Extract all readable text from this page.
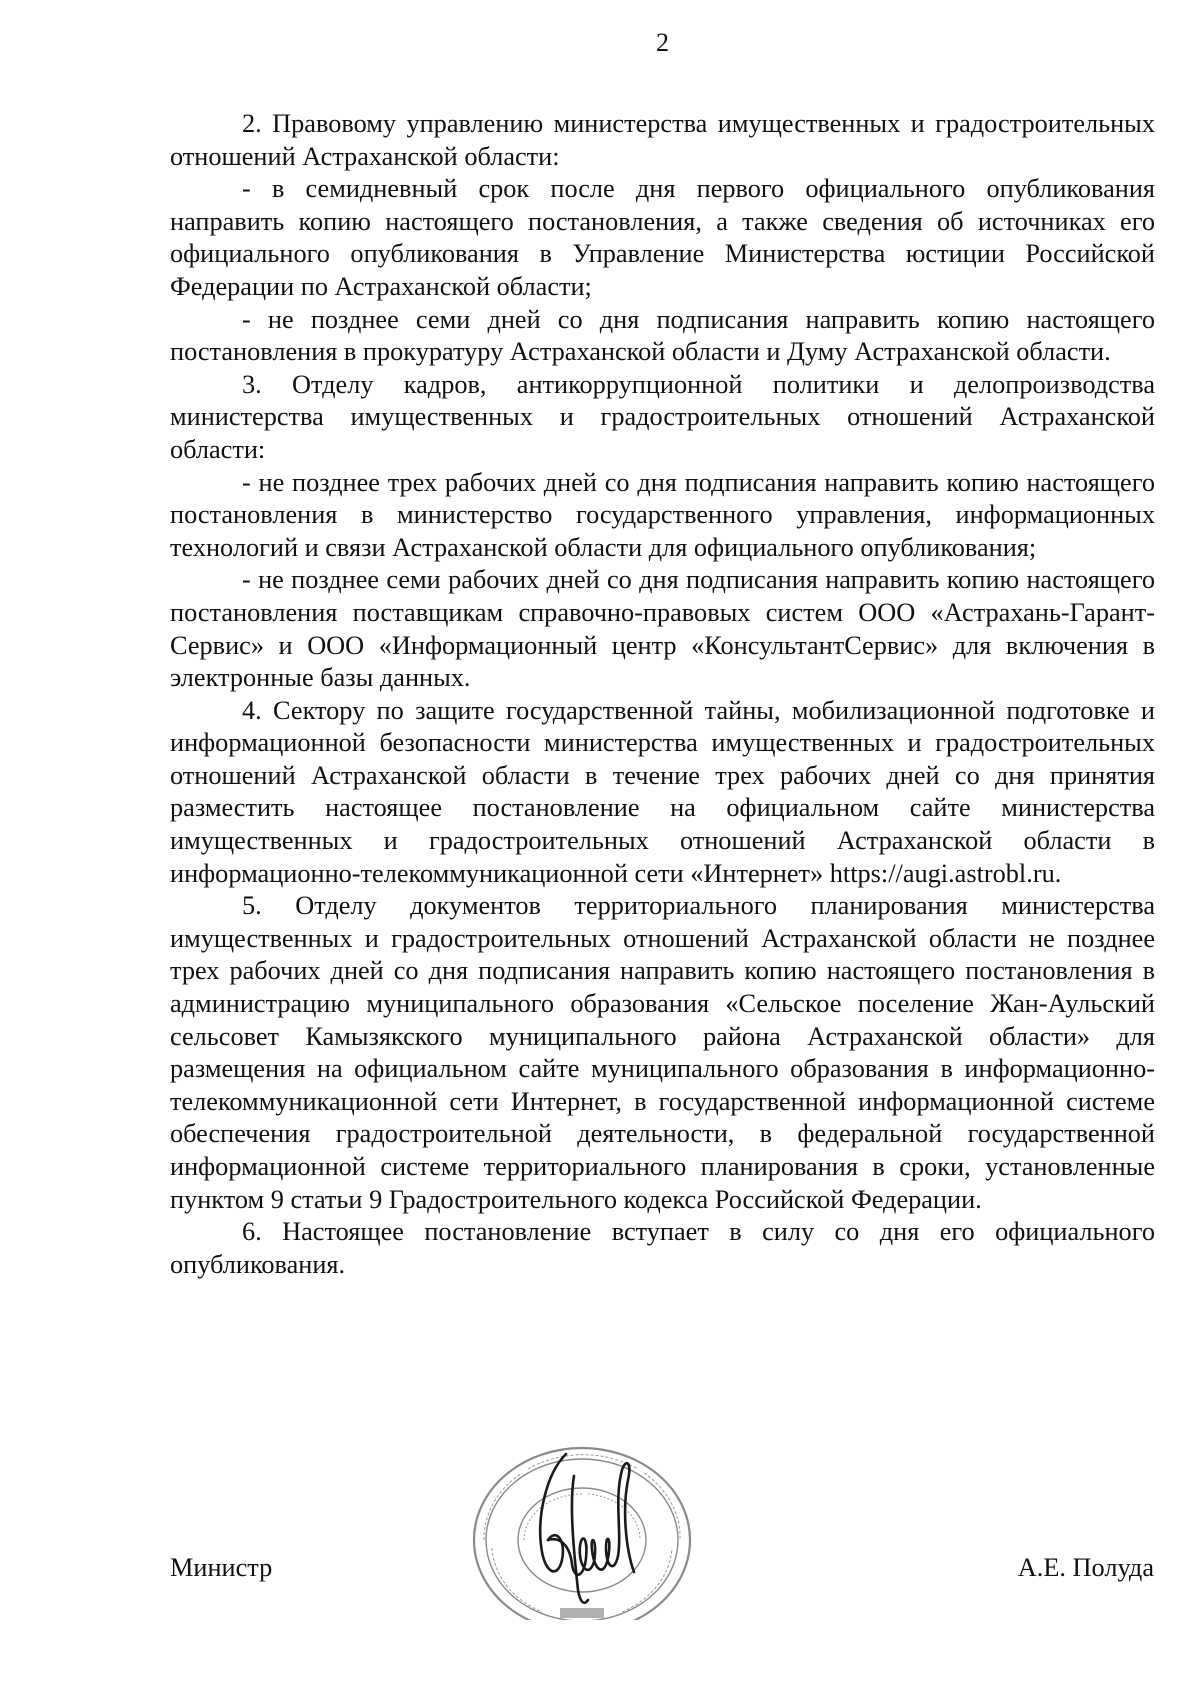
2

2. Правовому управлению министерства имущественных и градостроительных отношений Астраханской области:

- в семидневный срок после дня первого официального опубликования направить копию настоящего постановления, а также сведения об источниках его официального опубликования в Управление Министерства юстиции Российской Федерации по Астраханской области;

- не позднее семи дней со дня подписания направить копию настоящего постановления в прокуратуру Астраханской области и Думу Астраханской области.

3. Отделу кадров, антикоррупционной политики и делопроизводства министерства имущественных и градостроительных отношений Астраханской области:

- не позднее трех рабочих дней со дня подписания направить копию настоящего постановления в министерство государственного управления, информационных технологий и связи Астраханской области для официального опубликования;

- не позднее семи рабочих дней со дня подписания направить копию настоящего постановления поставщикам справочно-правовых систем ООО «Астрахань-Гарант-Сервис» и ООО «Информационный центр «КонсультантСервис» для включения в электронные базы данных.

4. Сектору по защите государственной тайны, мобилизационной подготовке и информационной безопасности министерства имущественных и градостроительных отношений Астраханской области в течение трех рабочих дней со дня принятия разместить настоящее постановление на официальном сайте министерства имущественных и градостроительных отношений Астраханской области в информационно-телекоммуникационной сети «Интернет» https://augi.astrobl.ru.

5. Отделу документов территориального планирования министерства имущественных и градостроительных отношений Астраханской области не позднее трех рабочих дней со дня подписания направить копию настоящего постановления в администрацию муниципального образования «Сельское поселение Жан-Аульский сельсовет Камызякского муниципального района Астраханской области» для размещения на официальном сайте муниципального образования в информационно-телекоммуникационной сети Интернет, в государственной информационной системе обеспечения градостроительной деятельности, в федеральной государственной информационной системе территориального планирования в сроки, установленные пунктом 9 статьи 9 Градостроительного кодекса Российской Федерации.

6. Настоящее постановление вступает в силу со дня его официального опубликования.

Министр	А.Е. Полуда
